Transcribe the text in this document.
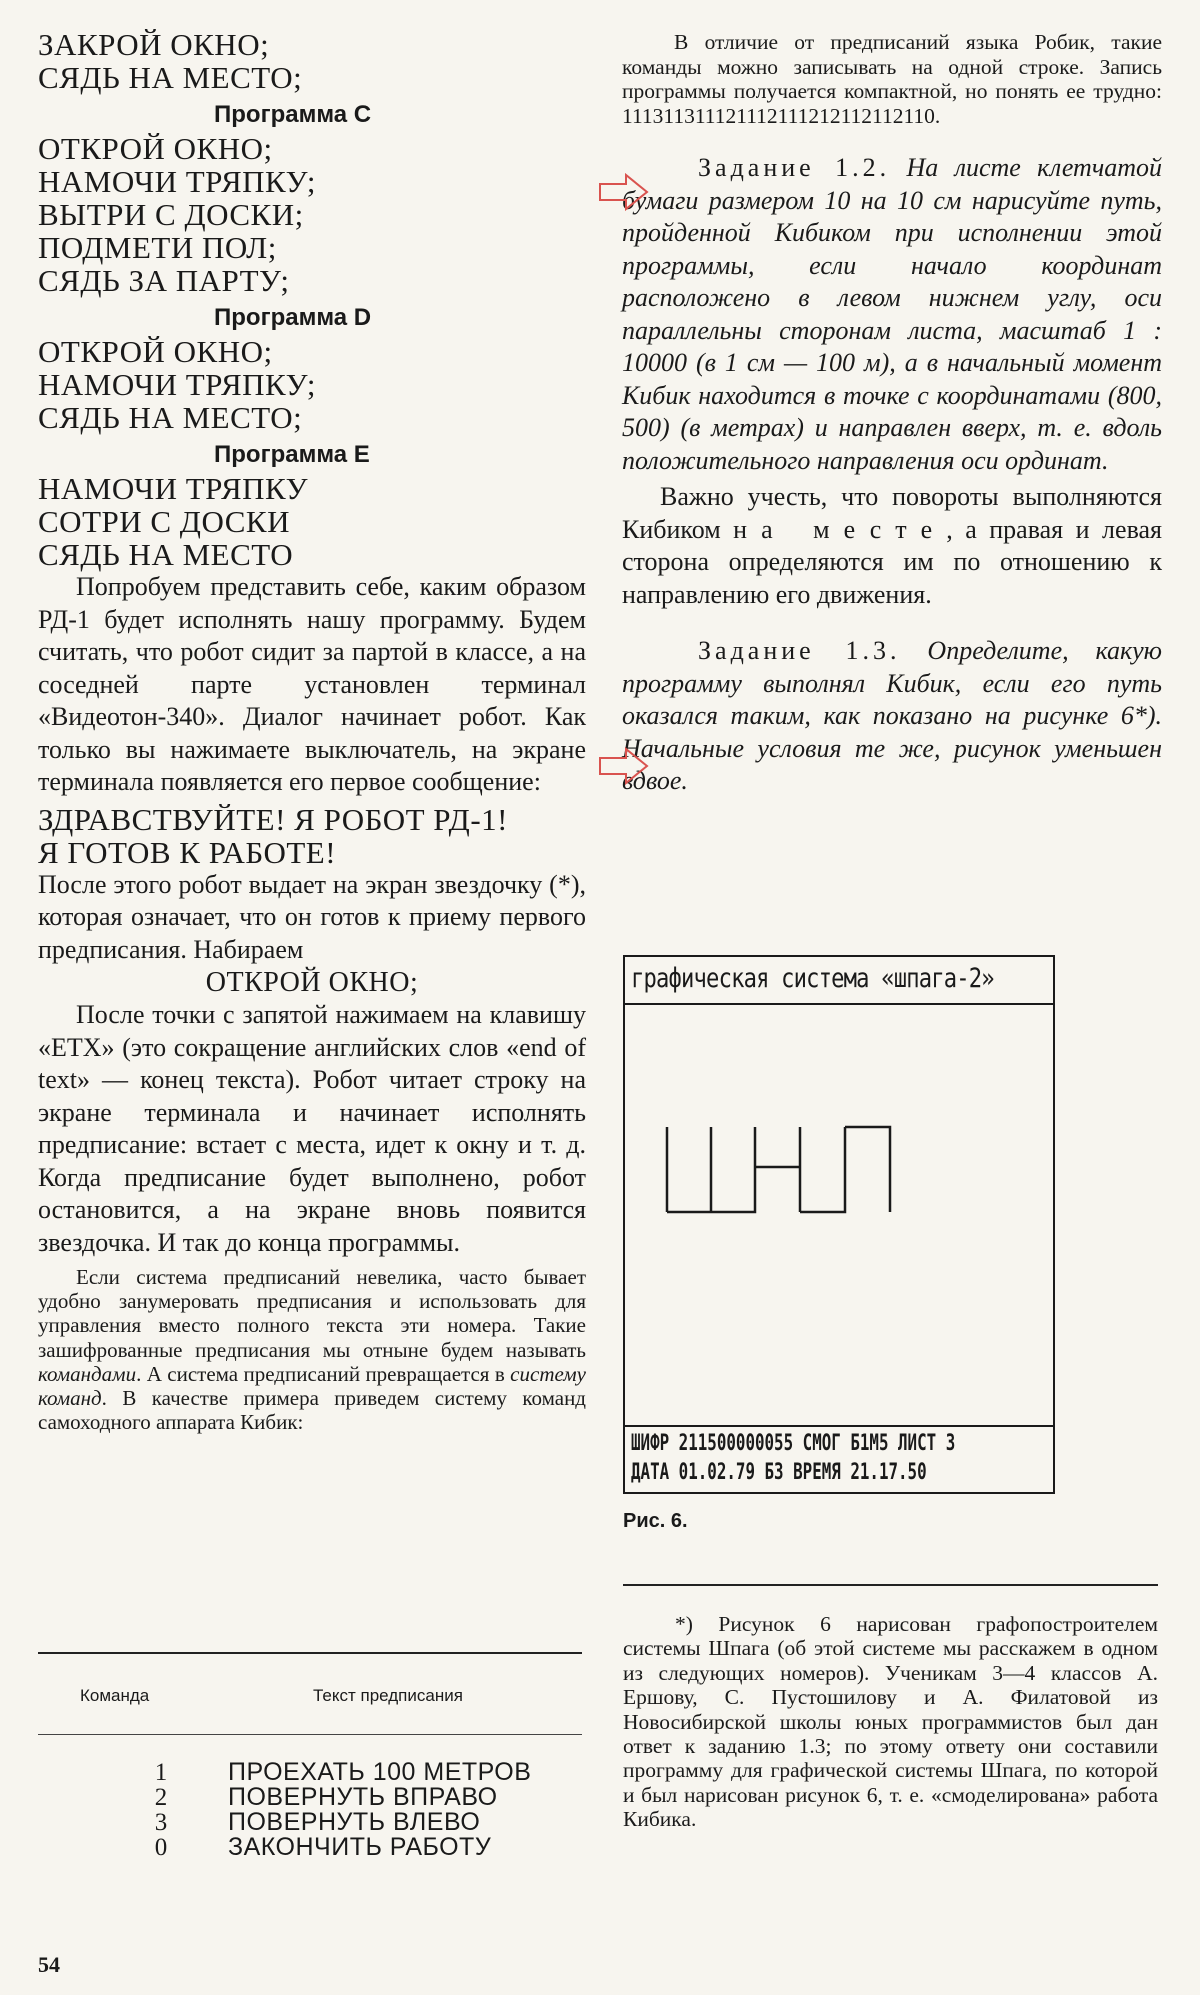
ЗАКРОЙ ОКНО;
СЯДЬ НА МЕСТО;
Программа C
ОТКРОЙ ОКНО;
НАМОЧИ ТРЯПКУ;
ВЫТРИ С ДОСКИ;
ПОДМЕТИ ПОЛ;
СЯДЬ ЗА ПАРТУ;
Программа D
ОТКРОЙ ОКНО;
НАМОЧИ ТРЯПКУ;
СЯДЬ НА МЕСТО;
Программа E
НАМОЧИ ТРЯПКУ
СОТРИ С ДОСКИ
СЯДЬ НА МЕСТО

Попробуем представить себе, каким образом РД-1 будет исполнять нашу программу. Будем считать, что робот сидит за партой в классе, а на соседней парте установлен терминал «Видеотон-340». Диалог начинает робот. Как только вы нажимаете выключатель, на экране терминала появляется его первое сообщение:

ЗДРАВСТВУЙТЕ! Я РОБОТ РД-1!
Я ГОТОВ К РАБОТЕ!

После этого робот выдает на экран звездочку (*), которая означает, что он готов к приему первого предписания. Набираем

ОТКРОЙ ОКНО;

После точки с запятой нажимаем на клавишу «ЕТХ» (это сокращение английских слов «end of text» — конец текста). Робот читает строку на экране терминала и начинает исполнять предписание: встает с места, идет к окну и т. д. Когда предписание будет выполнено, робот остановится, а на экране вновь появится звездочка. И так до конца программы.

Если система предписаний невелика, часто бывает удобно занумеровать предписания и использовать для управления вместо полного текста эти номера. Такие зашифрованные предписания мы отныне будем называть командами. А система предписаний превращается в систему команд. В качестве примера приведем систему команд самоходного аппарата Кибик:

Команда	Текст предписания
1	ПРОЕХАТЬ 100 МЕТРОВ
2	ПОВЕРНУТЬ ВПРАВО
3	ПОВЕРНУТЬ ВЛЕВО
0	ЗАКОНЧИТЬ РАБОТУ
54

В отличие от предписаний языка Робик, такие команды можно записывать на одной строке. Запись программы получается компактной, но понять ее трудно: 111311311121112111212112112110.

Задание 1.2. На листе клетчатой бумаги размером 10 на 10 см нарисуйте путь, пройденной Кибиком при исполнении этой программы, если начало координат расположено в левом нижнем углу, оси параллельны сторонам листа, масштаб 1 : 10000 (в 1 см — 100 м), а в начальный момент Кибик находится в точке с координатами (800, 500) (в метрах) и направлен вверх, т. е. вдоль положительного направления оси ординат.

Важно учесть, что повороты выполняются Кибиком на месте, а правая и левая сторона определяются им по отношению к направлению его движения.

Задание 1.3. Определите, какую программу выполнял Кибик, если его путь оказался таким, как показано на рисунке 6*). Начальные условия те же, рисунок уменьшен вдвое.

графическая система «шпага-2»
ШИФР 211500000055 СМОГ Б1М5 ЛИСТ 3
ДАТА 01.02.79 Б3 ВРЕМЯ 21.17.50
Рис. 6.

*) Рисунок 6 нарисован графопостроителем системы Шпага (об этой системе мы расскажем в одном из следующих номеров). Ученикам 3—4 классов А. Ершову, С. Пустошилову и А. Филатовой из Новосибирской школы юных программистов был дан ответ к заданию 1.3; по этому ответу они составили программу для графической системы Шпага, по которой и был нарисован рисунок 6, т. е. «смоделирована» работа Кибика.
